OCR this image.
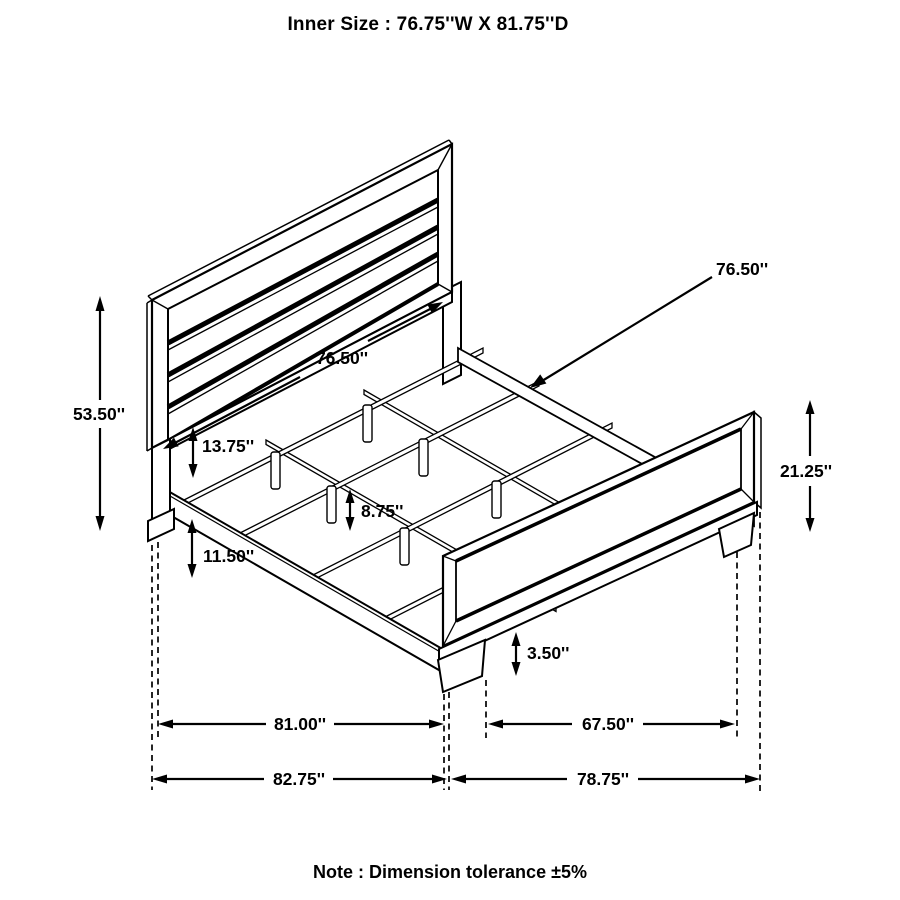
Inner Size : 76.75''W X 81.75''D
76.50''
76.50''
53.50''
13.75''
8.75''
11.50''
21.25''
3.50''
81.00''	67.50''
82.75''	78.75''
Note : Dimension tolerance ±5%
